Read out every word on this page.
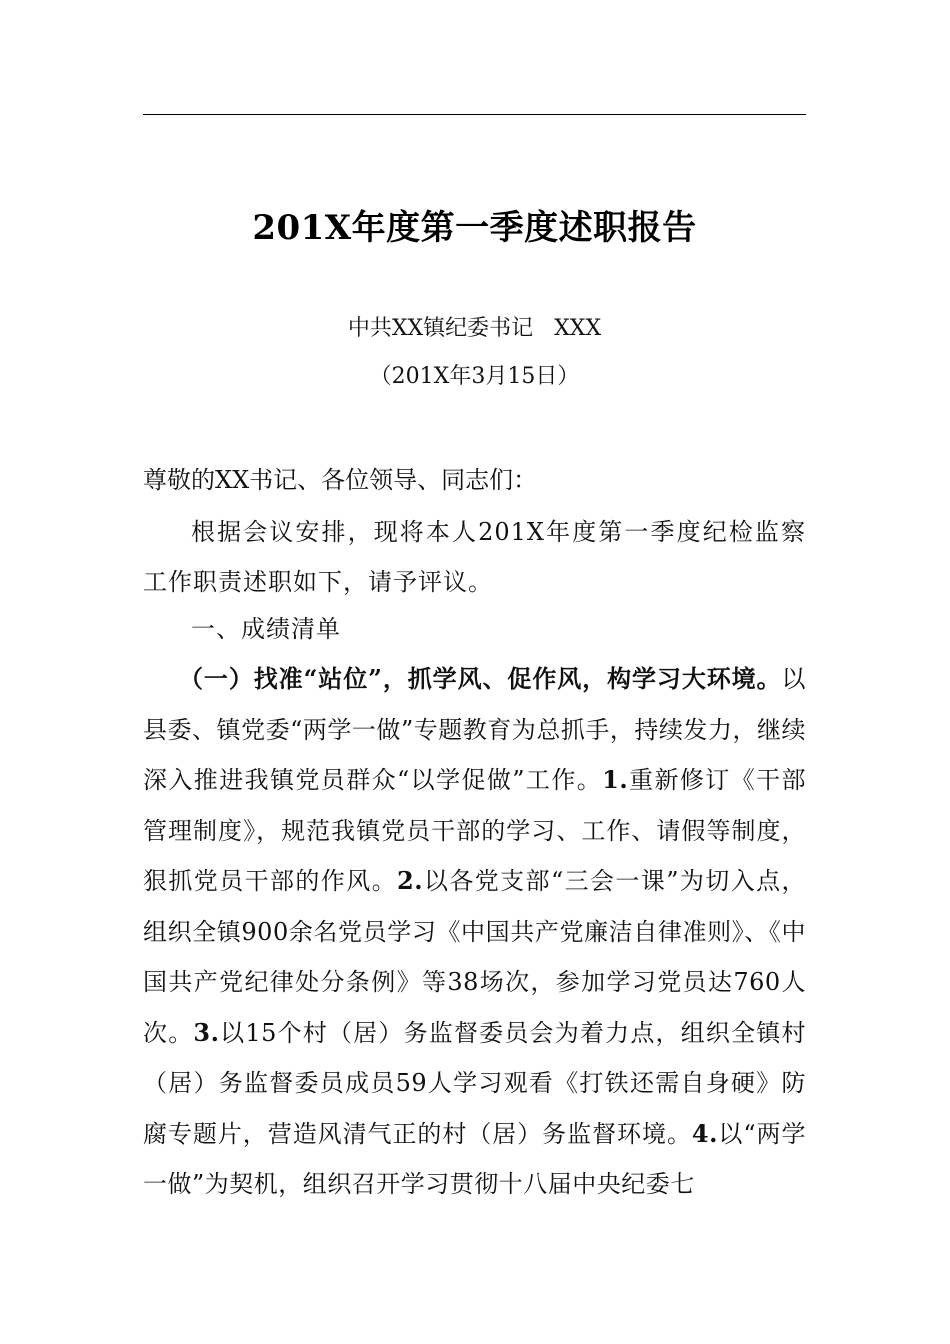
201X年度第一季度述职报告
中共XX镇纪委书记   XXX
（201X年3月15日）
尊敬的XX书记、各位领导、同志们：
根据会议安排，现将本人201X年度第一季度纪检监察工作职责述职如下，请予评议。
一、成绩清单
（一）找准“站位”，抓学风、促作风，构学习大环境。以县委、镇党委“两学一做”专题教育为总抓手，持续发力，继续深入推进我镇党员群众“以学促做”工作。1.重新修订《干部管理制度》，规范我镇党员干部的学习、工作、请假等制度，狠抓党员干部的作风。2.以各党支部“三会一课”为切入点，组织全镇900余名党员学习《中国共产党廉洁自律准则》、《中国共产党纪律处分条例》等38场次，参加学习党员达760人次。3.以15个村（居）务监督委员会为着力点，组织全镇村（居）务监督委员成员59人学习观看《打铁还需自身硬》防腐专题片，营造风清气正的村（居）务监督环境。4.以“两学一做”为契机，组织召开学习贯彻十八届中央纪委七
